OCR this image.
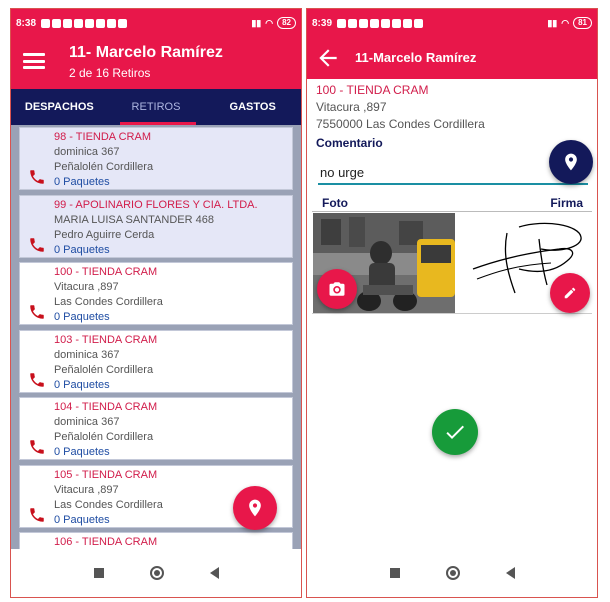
8:38	▮▮ ◠	82
11- Marcelo Ramírez
2 de 16 Retiros
DESPACHOS	RETIROS	GASTOS
98 - TIENDA CRAM
dominica 367
Peñalolén Cordillera
0 Paquetes
99 - APOLINARIO FLORES Y CIA. LTDA.
MARIA LUISA SANTANDER 468
Pedro Aguirre Cerda
0 Paquetes
100 - TIENDA CRAM
Vitacura ,897
Las Condes Cordillera
0 Paquetes
103 - TIENDA CRAM
dominica 367
Peñalolén Cordillera
0 Paquetes
104 - TIENDA CRAM
dominica 367
Peñalolén Cordillera
0 Paquetes
105 - TIENDA CRAM
Vitacura ,897
Las Condes Cordillera
0 Paquetes
106 - TIENDA CRAM
8:39	▮▮ ◠	81
11-Marcelo Ramírez
100 - TIENDA CRAM
Vitacura ,897
7550000 Las Condes Cordillera
Comentario
no urge
Foto	Firma
